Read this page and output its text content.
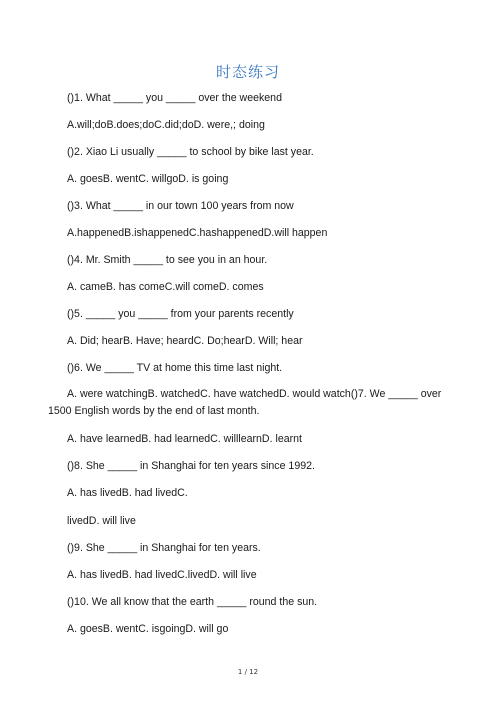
时态练习
()1. What _____ you _____ over the weekend
A.will;doB.does;doC.did;doD. were,; doing
()2. Xiao Li usually _____ to school by bike last year.
A. goesB. wentC. willgoD. is going
()3. What _____ in our town 100 years from now
A.happenedB.ishappenedC.hashappenedD.will happen
()4. Mr. Smith _____ to see you in an hour.
A. cameB. has comeC.will comeD. comes
()5. _____ you _____ from your parents recently
A. Did; hearB. Have; heardC. Do;hearD. Will; hear
()6. We _____ TV at home this time last night.
A. were watchingB. watchedC. have watchedD. would watch()7. We _____ over 1500 English words by the end of last month.
A. have learnedB. had learnedC. willlearnD. learnt
()8. She _____ in Shanghai for ten years since 1992.
A. has livedB. had livedC.
livedD. will live
()9. She _____ in Shanghai for ten years.
A. has livedB. had livedC.livedD. will live
()10. We all know that the earth _____ round the sun.
A. goesB. wentC. isgoingD. will go
1 / 12
